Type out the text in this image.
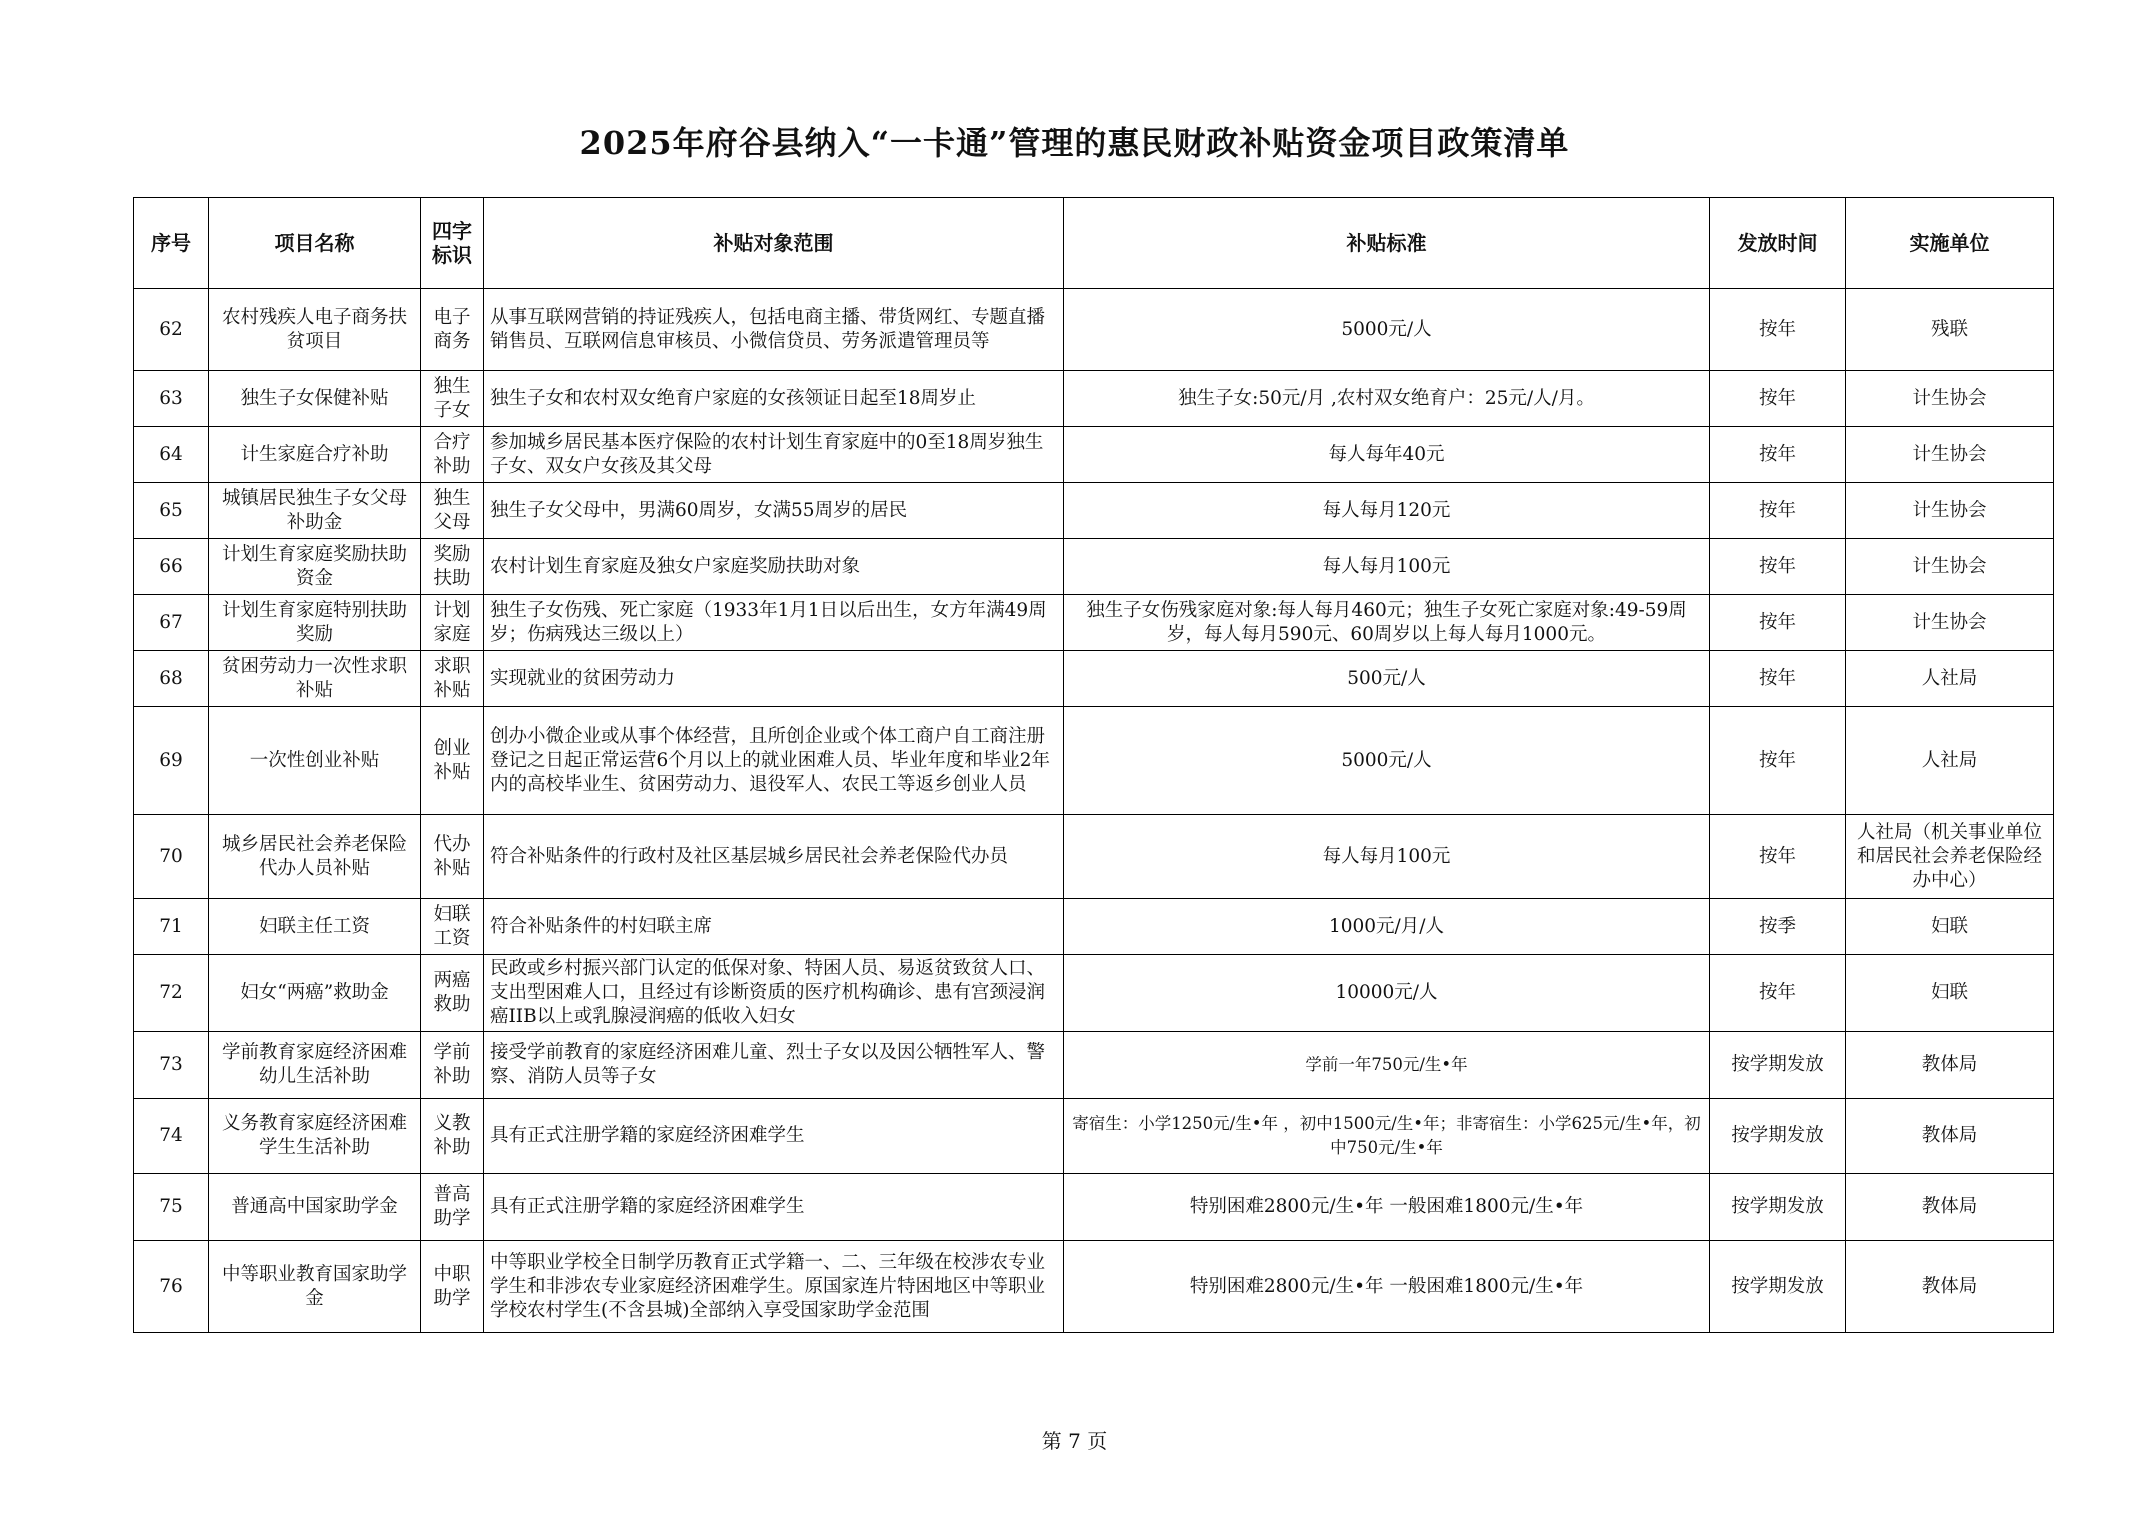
2025年府谷县纳入“一卡通”管理的惠民财政补贴资金项目政策清单
序号	项目名称	四字标识	补贴对象范围	补贴标准	发放时间	实施单位
62	农村残疾人电子商务扶贫项目	电子商务	从事互联网营销的持证残疾人，包括电商主播、带货网红、专题直播销售员、互联网信息审核员、小微信贷员、劳务派遣管理员等	5000元/人	按年	残联
63	独生子女保健补贴	独生子女	独生子女和农村双女绝育户家庭的女孩领证日起至18周岁止	独生子女:50元/月 ,农村双女绝育户：25元/人/月。	按年	计生协会
64	计生家庭合疗补助	合疗补助	参加城乡居民基本医疗保险的农村计划生育家庭中的0至18周岁独生子女、双女户女孩及其父母	每人每年40元	按年	计生协会
65	城镇居民独生子女父母补助金	独生父母	独生子女父母中，男满60周岁，女满55周岁的居民	每人每月120元	按年	计生协会
66	计划生育家庭奖励扶助资金	奖励扶助	农村计划生育家庭及独女户家庭奖励扶助对象	每人每月100元	按年	计生协会
67	计划生育家庭特别扶助奖励	计划家庭	独生子女伤残、死亡家庭（1933年1月1日以后出生，女方年满49周岁；伤病残达三级以上）	独生子女伤残家庭对象:每人每月460元；独生子女死亡家庭对象:49-59周岁，每人每月590元、60周岁以上每人每月1000元。	按年	计生协会
68	贫困劳动力一次性求职补贴	求职补贴	实现就业的贫困劳动力	500元/人	按年	人社局
69	一次性创业补贴	创业补贴	创办小微企业或从事个体经营，且所创企业或个体工商户自工商注册登记之日起正常运营6个月以上的就业困难人员、毕业年度和毕业2年内的高校毕业生、贫困劳动力、退役军人、农民工等返乡创业人员	5000元/人	按年	人社局
70	城乡居民社会养老保险代办人员补贴	代办补贴	符合补贴条件的行政村及社区基层城乡居民社会养老保险代办员	每人每月100元	按年	人社局（机关事业单位和居民社会养老保险经办中心）
71	妇联主任工资	妇联工资	符合补贴条件的村妇联主席	1000元/月/人	按季	妇联
72	妇女“两癌”救助金	两癌救助	民政或乡村振兴部门认定的低保对象、特困人员、易返贫致贫人口、支出型困难人口，且经过有诊断资质的医疗机构确诊、患有宫颈浸润癌IIB以上或乳腺浸润癌的低收入妇女	10000元/人	按年	妇联
73	学前教育家庭经济困难幼儿生活补助	学前补助	接受学前教育的家庭经济困难儿童、烈士子女以及因公牺牲军人、警察、消防人员等子女	学前一年750元/生•年	按学期发放	教体局
74	义务教育家庭经济困难学生生活补助	义教补助	具有正式注册学籍的家庭经济困难学生	寄宿生：小学1250元/生•年 ，初中1500元/生•年；非寄宿生：小学625元/生•年，初中750元/生•年	按学期发放	教体局
75	普通高中国家助学金	普高助学	具有正式注册学籍的家庭经济困难学生	特别困难2800元/生•年 一般困难1800元/生•年	按学期发放	教体局
76	中等职业教育国家助学金	中职助学	中等职业学校全日制学历教育正式学籍一、二、三年级在校涉农专业学生和非涉农专业家庭经济困难学生。原国家连片特困地区中等职业学校农村学生(不含县城)全部纳入享受国家助学金范围	特别困难2800元/生•年 一般困难1800元/生•年	按学期发放	教体局
第 7 页
